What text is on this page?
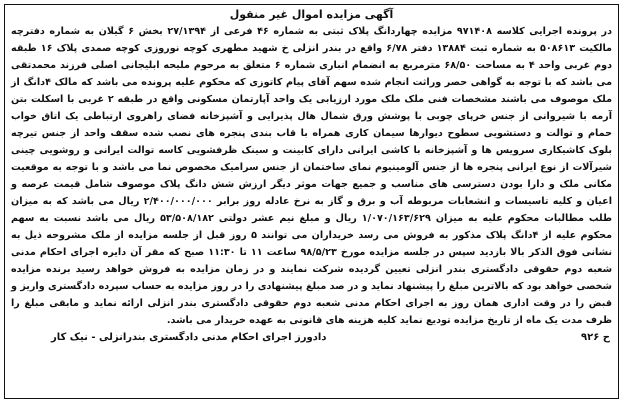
آگهی مزایده اموال غیر منقول

در پرونده اجرایی کلاسه ۹۷۱۴۰۸ مزایده چهاردانگ پلاک ثبتی به شماره ۴۶ فرعی از ۲۷/۱۳۹۴ بخش ۶ گیلان به شماره دفترچه مالکیت ۵۰۸۶۱۳ به شماره ثبت ۱۳۸۸۴ دفتر ۶/۷۸ واقع در بندر انزلی خ شهید مطهری کوچه نوروزی کوچه صمدی پلاک ۱۶ طبقه دوم غربی واحد ۴ به مساحت ۶۸/۵۰ مترمربع به انضمام انباری شماره ۶ متعلق به مرحوم ملیحه ابلیجانی اصلی فرزند محمدتقی می باشد که با توجه به گواهی حصر وراثت انجام شده سهم آقای پیام کاتوزی که محکوم علیه پرونده می باشد که مالک ۴دانگ از ملک موصوف می باشند مشخصات فنی ملک ملک مورد ارزیابی یک واحد آپارتمان مسکونی واقع در طبقه ۲ غربی با اسکلت بتن آرمه با شیروانی از جنس خرپای چوبی با پوشش ورق شمال هال پذیرایی و آشپزخانه فضای راهروی ارتباطی یک اتاق خواب حمام و توالت و دستشویی سطوح دیوارها سیمان کاری همراه با قاب بندی پنجره های نصب شده سقف واحد از جنس تیرچه بلوک کاشیکاری سرویس ها و آشپزخانه با کاشی ایرانی دارای کابینت و سینک ظرفشویی کاسه توالت ایرانی و روشویی چینی شیرآلات از نوع ایرانی پنجره ها از جنس آلومینیوم نمای ساختمان از جنس سرامیک مخصوص نما می باشد و با توجه به موقعیت مکانی ملک و دارا بودن دسترسی های مناسب و جمیع جهات موثر دیگر ارزش شش دانگ پلاک موصوف شامل قیمت عرصه و اعیان و کلیه تاسیسات و انشعابات مربوطه آب و برق و گاز به نرخ عادله روز برابر ۲/۴۰۰/۰۰۰/۰۰۰ ریال می باشد که به میزان طلب مطالبات محکوم علیه به میزان ۱/۰۷۰/۱۶۳/۶۲۹ ریال و مبلغ نیم عشر دولتی ۵۳/۵۰۸/۱۸۲ ریال می باشد نسبت به سهم محکوم علیه از ۴دانگ پلاک مذکور به فروش می رسد خریداران می توانند ۵ روز قبل از جلسه مزایده از ملک مشروحه ذیل به نشانی فوق الذکر بالا بازدید سپس در جلسه مزایده مورخ ۹۸/۵/۲۳ ساعت ۱۱ تا ۱۱:۳۰ صبح که مقر آن دایره اجرای احکام مدنی شعبه دوم حقوقی دادگستری بندر انزلی تعیین گردیده شرکت نمایند و در زمان مزایده به فروش خواهد رسید برنده مزایده شخصی خواهد بود که بالاترین مبلغ را پیشنهاد نماید و در صد مبلغ پیشنهادی را در روز مزایده به حساب سپرده دادگستری واریز و قبض را در وقت اداری همان روز به اجرای احکام مدنی شعبه دوم حقوقی دادگستری بندر انزلی ارائه نماید و مابقی مبلغ را ظرف مدت یک ماه از تاریخ مزایده تودیع نماید کلیه هزینه های قانونی به عهده خریدار می باشد.

ح ۹۲۶
دادورز اجرای احکام مدنی دادگستری بندرانزلی - نیک کار
